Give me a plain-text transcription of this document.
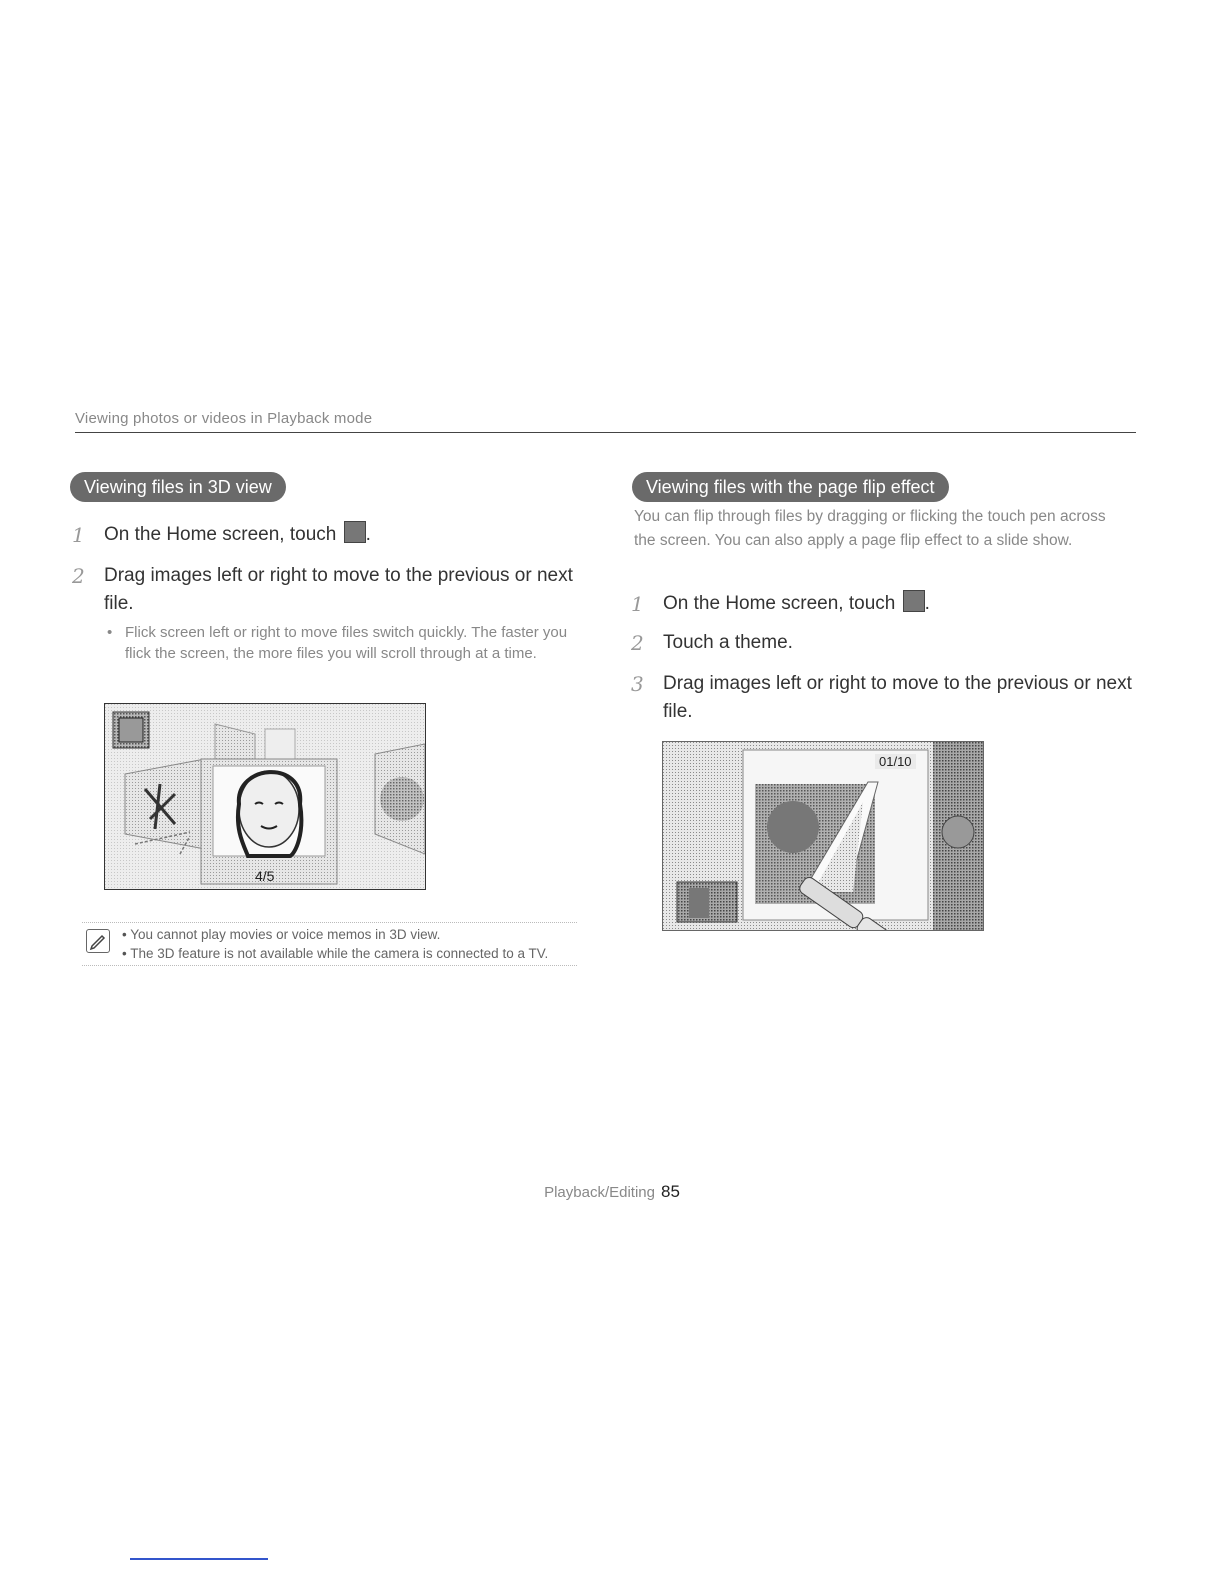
Viewing photos or videos in Playback mode
Viewing files in 3D view
1 On the Home screen, touch .
2 Drag images left or right to move to the previous or next file.
• Flick screen left or right to move files switch quickly. The faster you flick the screen, the more files you will scroll through at a time.
4/5
• You cannot play movies or voice memos in 3D view.
• The 3D feature is not available while the camera is connected to a TV.
Viewing files with the page flip effect
You can flip through files by dragging or flicking the touch pen across the screen. You can also apply a page flip effect to a slide show.
1 On the Home screen, touch .
2 Touch a theme.
3 Drag images left or right to move to the previous or next file.
01/10
Playback/Editing 85
